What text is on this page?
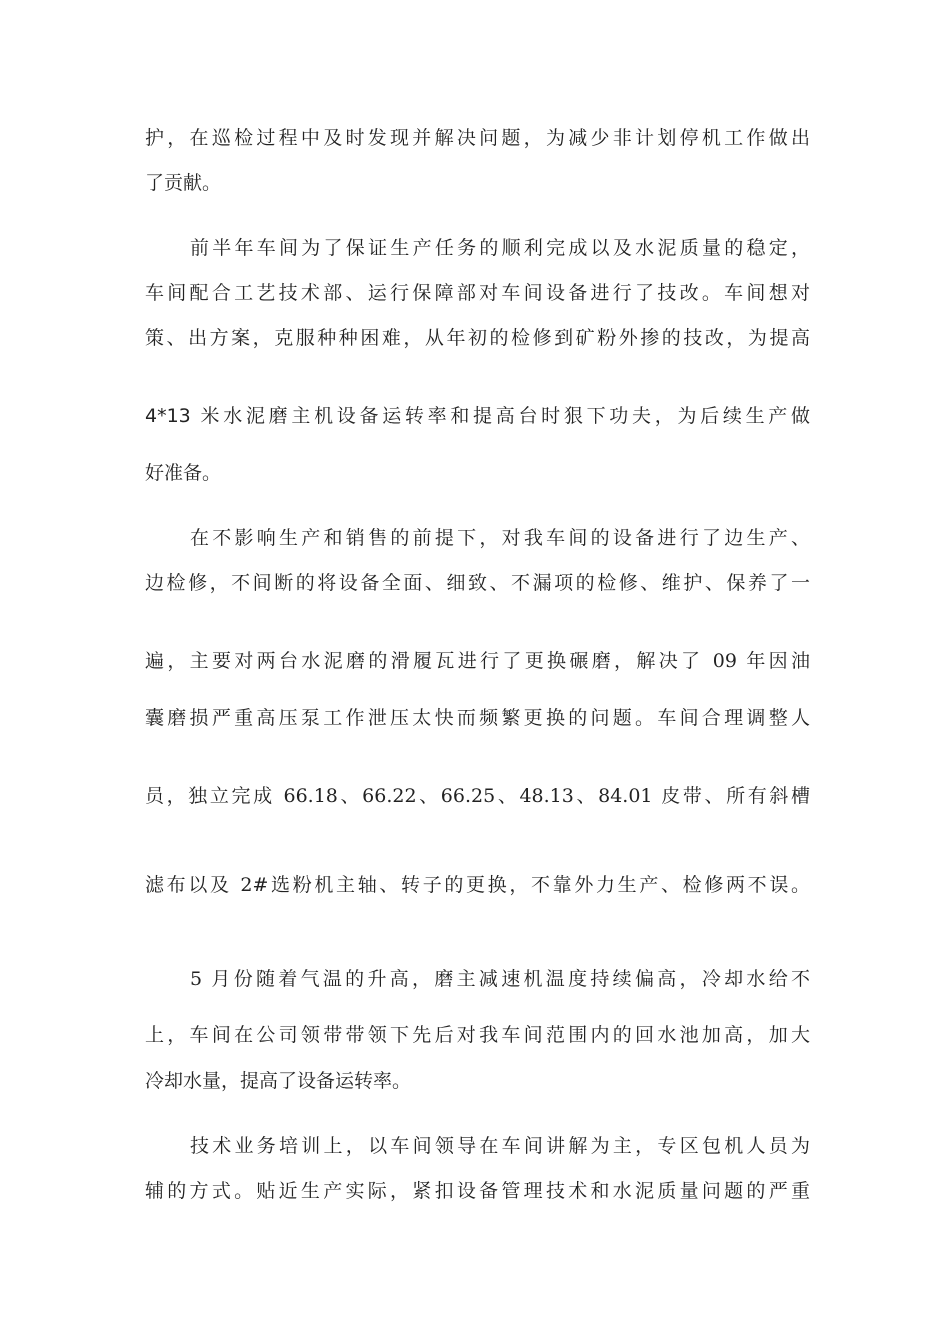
护，在巡检过程中及时发现并解决问题，为减少非计划停机工作做出
了贡献。
前半年车间为了保证生产任务的顺利完成以及水泥质量的稳定，
车间配合工艺技术部、运行保障部对车间设备进行了技改。车间想对
策、出方案，克服种种困难，从年初的检修到矿粉外掺的技改，为提高
4*13 米水泥磨主机设备运转率和提高台时狠下功夫，为后续生产做
好准备。
在不影响生产和销售的前提下，对我车间的设备进行了边生产、
边检修，不间断的将设备全面、细致、不漏项的检修、维护、保养了一
遍，主要对两台水泥磨的滑履瓦进行了更换碾磨，解决了 09 年因油
囊磨损严重高压泵工作泄压太快而频繁更换的问题。车间合理调整人
员，独立完成 66.18、66.22、66.25、48.13、84.01 皮带、所有斜槽
滤布以及 2#选粉机主轴、转子的更换，不靠外力生产、检修两不误。
5 月份随着气温的升高，磨主减速机温度持续偏高，冷却水给不
上，车间在公司领带带领下先后对我车间范围内的回水池加高，加大
冷却水量，提高了设备运转率。
技术业务培训上，以车间领导在车间讲解为主，专区包机人员为
辅的方式。贴近生产实际，紧扣设备管理技术和水泥质量问题的严重
